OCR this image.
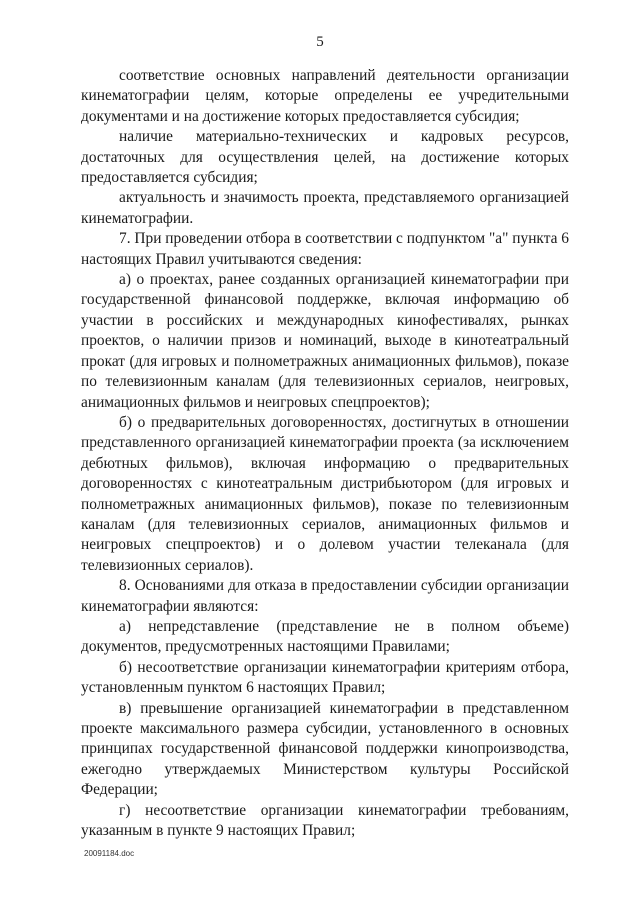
5

соответствие основных направлений деятельности организации кинематографии целям, которые определены ее учредительными документами и на достижение которых предоставляется субсидия;

наличие материально-технических и кадровых ресурсов, достаточных для осуществления целей, на достижение которых предоставляется субсидия;

актуальность и значимость проекта, представляемого организацией кинематографии.

7. При проведении отбора в соответствии с подпунктом "а" пункта 6 настоящих Правил учитываются сведения:

а) о проектах, ранее созданных организацией кинематографии при государственной финансовой поддержке, включая информацию об участии в российских и международных кинофестивалях, рынках проектов, о наличии призов и номинаций, выходе в кинотеатральный прокат (для игровых и полнометражных анимационных фильмов), показе по телевизионным каналам (для телевизионных сериалов, неигровых, анимационных фильмов и неигровых спецпроектов);

б) о предварительных договоренностях, достигнутых в отношении представленного организацией кинематографии проекта (за исключением дебютных фильмов), включая информацию о предварительных договоренностях с кинотеатральным дистрибьютором (для игровых и полнометражных анимационных фильмов), показе по телевизионным каналам (для телевизионных сериалов, анимационных фильмов и неигровых спецпроектов) и о долевом участии телеканала (для телевизионных сериалов).

8. Основаниями для отказа в предоставлении субсидии организации кинематографии являются:

а) непредставление (представление не в полном объеме) документов, предусмотренных настоящими Правилами;

б) несоответствие организации кинематографии критериям отбора, установленным пунктом 6 настоящих Правил;

в) превышение организацией кинематографии в представленном проекте максимального размера субсидии, установленного в основных принципах государственной финансовой поддержки кинопроизводства, ежегодно утверждаемых Министерством культуры Российской Федерации;

г) несоответствие организации кинематографии требованиям, указанным в пункте 9 настоящих Правил;

20091184.doc
